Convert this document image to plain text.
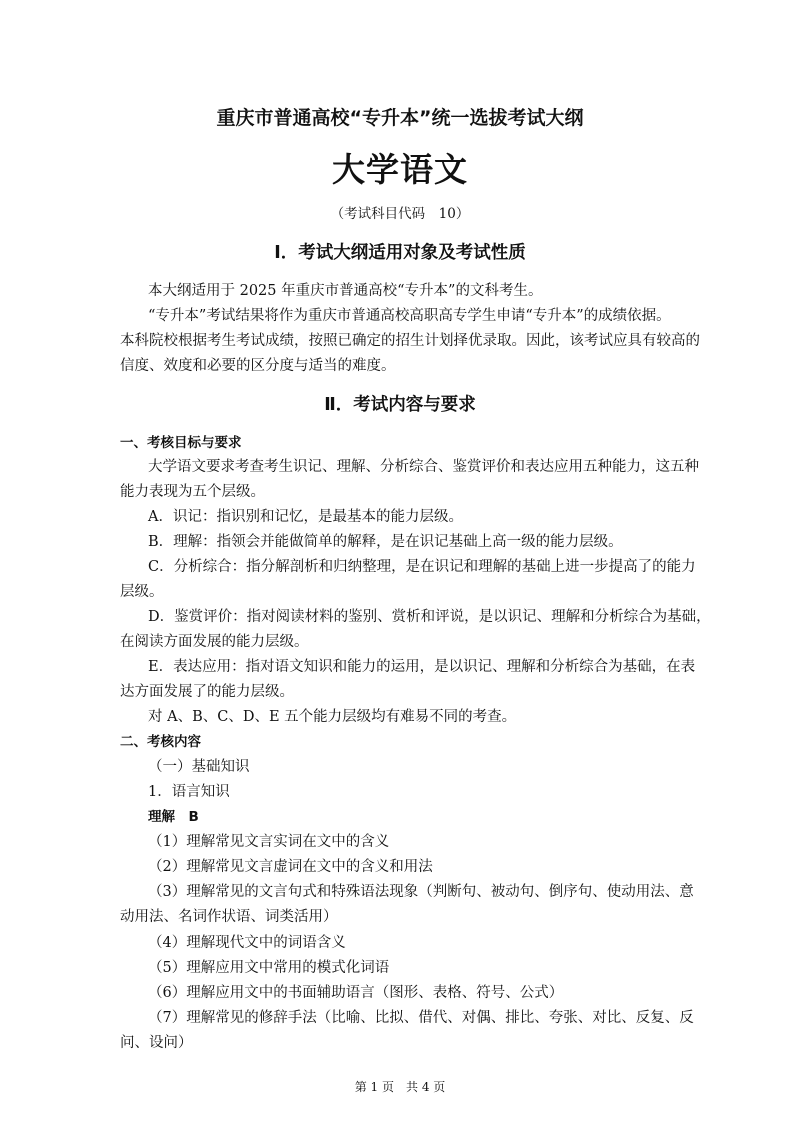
重庆市普通高校“专升本”统一选拔考试大纲
大学语文
（考试科目代码　10）
Ⅰ．考试大纲适用对象及考试性质
本大纲适用于 2025 年重庆市普通高校“专升本”的文科考生。
“专升本”考试结果将作为重庆市普通高校高职高专学生申请“专升本”的成绩依据。
本科院校根据考生考试成绩，按照已确定的招生计划择优录取。因此，该考试应具有较高的
信度、效度和必要的区分度与适当的难度。
Ⅱ．考试内容与要求
一、考核目标与要求
大学语文要求考查考生识记、理解、分析综合、鉴赏评价和表达应用五种能力，这五种
能力表现为五个层级。
A．识记：指识别和记忆，是最基本的能力层级。
B．理解：指领会并能做简单的解释，是在识记基础上高一级的能力层级。
C．分析综合：指分解剖析和归纳整理，是在识记和理解的基础上进一步提高了的能力
层级。
D．鉴赏评价：指对阅读材料的鉴别、赏析和评说，是以识记、理解和分析综合为基础，
在阅读方面发展的能力层级。
E．表达应用：指对语文知识和能力的运用，是以识记、理解和分析综合为基础，在表
达方面发展了的能力层级。
对 A、B、C、D、E 五个能力层级均有难易不同的考查。
二、考核内容
（一）基础知识
1．语言知识
理解　B
（1）理解常见文言实词在文中的含义
（2）理解常见文言虚词在文中的含义和用法
（3）理解常见的文言句式和特殊语法现象（判断句、被动句、倒序句、使动用法、意
动用法、名词作状语、词类活用）
（4）理解现代文中的词语含义
（5）理解应用文中常用的模式化词语
（6）理解应用文中的书面辅助语言（图形、表格、符号、公式）
（7）理解常见的修辞手法（比喻、比拟、借代、对偶、排比、夸张、对比、反复、反
问、设问）
第 1 页　共 4 页
